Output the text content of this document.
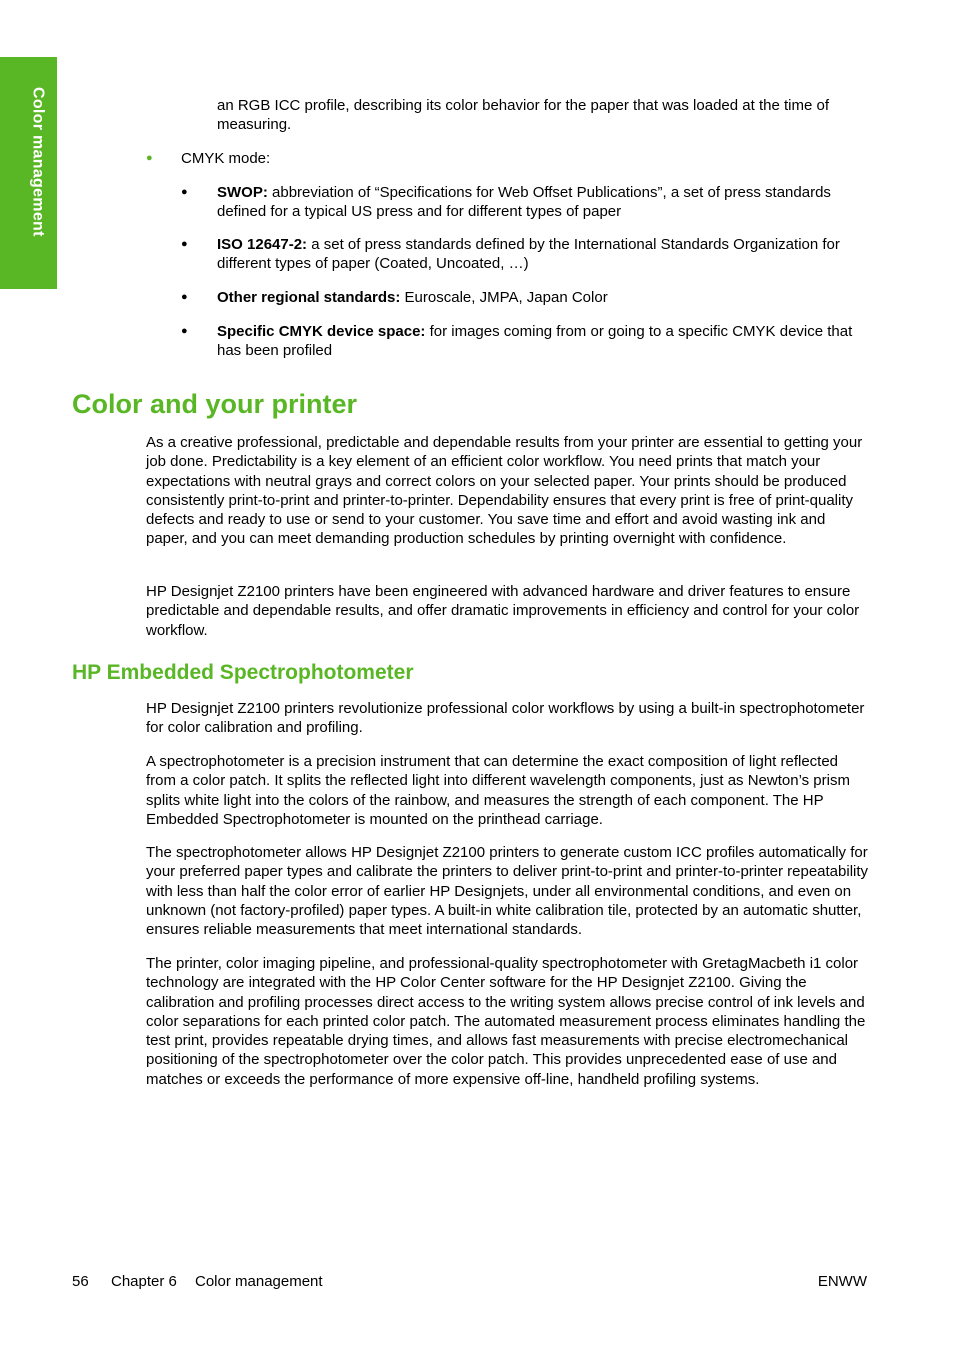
Color management	an RGB ICC profile, describing its color behavior for the paper that was loaded at the time of measuring.

● CMYK mode:
● SWOP: abbreviation of “Specifications for Web Offset Publications”, a set of press standards defined for a typical US press and for different types of paper
● ISO 12647-2: a set of press standards defined by the International Standards Organization for different types of paper (Coated, Uncoated, …)
● Other regional standards: Euroscale, JMPA, Japan Color
● Specific CMYK device space: for images coming from or going to a specific CMYK device that has been profiled
Color and your printer

As a creative professional, predictable and dependable results from your printer are essential to getting your job done. Predictability is a key element of an efficient color workflow. You need prints that match your expectations with neutral grays and correct colors on your selected paper. Your prints should be produced consistently print-to-print and printer-to-printer. Dependability ensures that every print is free of print-quality defects and ready to use or send to your customer. You save time and effort and avoid wasting ink and paper, and you can meet demanding production schedules by printing overnight with confidence.

HP Designjet Z2100 printers have been engineered with advanced hardware and driver features to ensure predictable and dependable results, and offer dramatic improvements in efficiency and control for your color workflow.

HP Embedded Spectrophotometer

HP Designjet Z2100 printers revolutionize professional color workflows by using a built-in spectrophotometer for color calibration and profiling.

A spectrophotometer is a precision instrument that can determine the exact composition of light reflected from a color patch. It splits the reflected light into different wavelength components, just as Newton’s prism splits white light into the colors of the rainbow, and measures the strength of each component. The HP Embedded Spectrophotometer is mounted on the printhead carriage.

The spectrophotometer allows HP Designjet Z2100 printers to generate custom ICC profiles automatically for your preferred paper types and calibrate the printers to deliver print-to-print and printer-to-printer repeatability with less than half the color error of earlier HP Designjets, under all environmental conditions, and even on unknown (not factory-profiled) paper types. A built-in white calibration tile, protected by an automatic shutter, ensures reliable measurements that meet international standards.

The printer, color imaging pipeline, and professional-quality spectrophotometer with GretagMacbeth i1 color technology are integrated with the HP Color Center software for the HP Designjet Z2100. Giving the calibration and profiling processes direct access to the writing system allows precise control of ink levels and color separations for each printed color patch. The automated measurement process eliminates handling the test print, provides repeatable drying times, and allows fast measurements with precise electromechanical positioning of the spectrophotometer over the color patch. This provides unprecedented ease of use and matches or exceeds the performance of more expensive off-line, handheld profiling systems.

56 Chapter 6 Color management	ENWW
